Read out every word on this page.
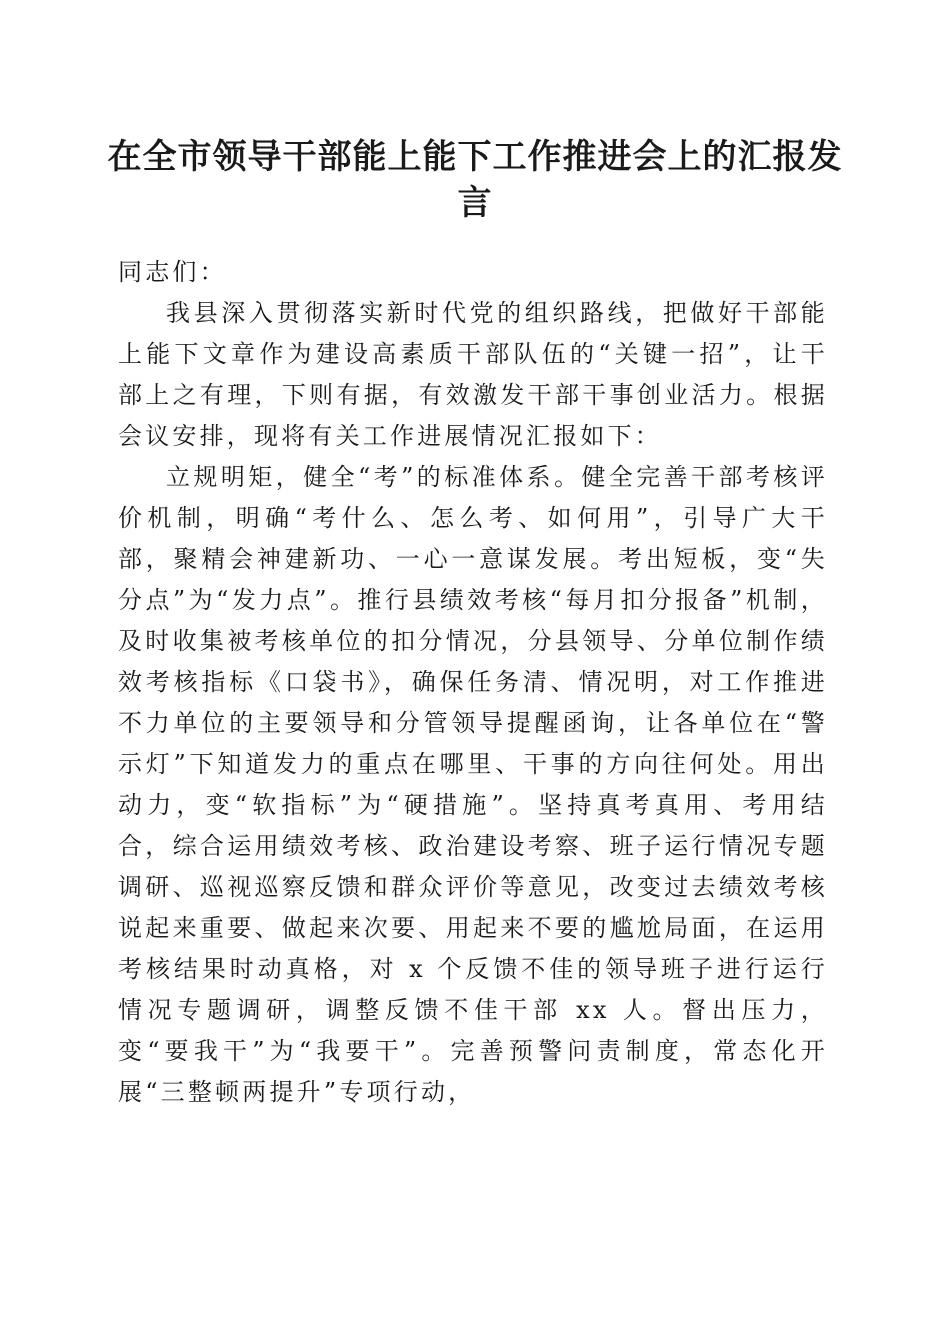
在全市领导干部能上能下工作推进会上的汇报发言

同志们：

我县深入贯彻落实新时代党的组织路线，把做好干部能上能下文章作为建设高素质干部队伍的“关键一招”，让干部上之有理，下则有据，有效激发干部干事创业活力。根据会议安排，现将有关工作进展情况汇报如下：

立规明矩，健全“考”的标准体系。健全完善干部考核评价机制，明确“考什么、怎么考、如何用”，引导广大干部，聚精会神建新功、一心一意谋发展。考出短板，变“失分点”为“发力点”。推行县绩效考核“每月扣分报备”机制，及时收集被考核单位的扣分情况，分县领导、分单位制作绩效考核指标《口袋书》，确保任务清、情况明，对工作推进不力单位的主要领导和分管领导提醒函询，让各单位在“警示灯”下知道发力的重点在哪里、干事的方向往何处。用出动力，变“软指标”为“硬措施”。坚持真考真用、考用结合，综合运用绩效考核、政治建设考察、班子运行情况专题调研、巡视巡察反馈和群众评价等意见，改变过去绩效考核说起来重要、做起来次要、用起来不要的尴尬局面，在运用考核结果时动真格，对 x 个反馈不佳的领导班子进行运行情况专题调研，调整反馈不佳干部 xx 人。督出压力，变“要我干”为“我要干”。完善预警问责制度，常态化开展“三整顿两提升”专项行动，
